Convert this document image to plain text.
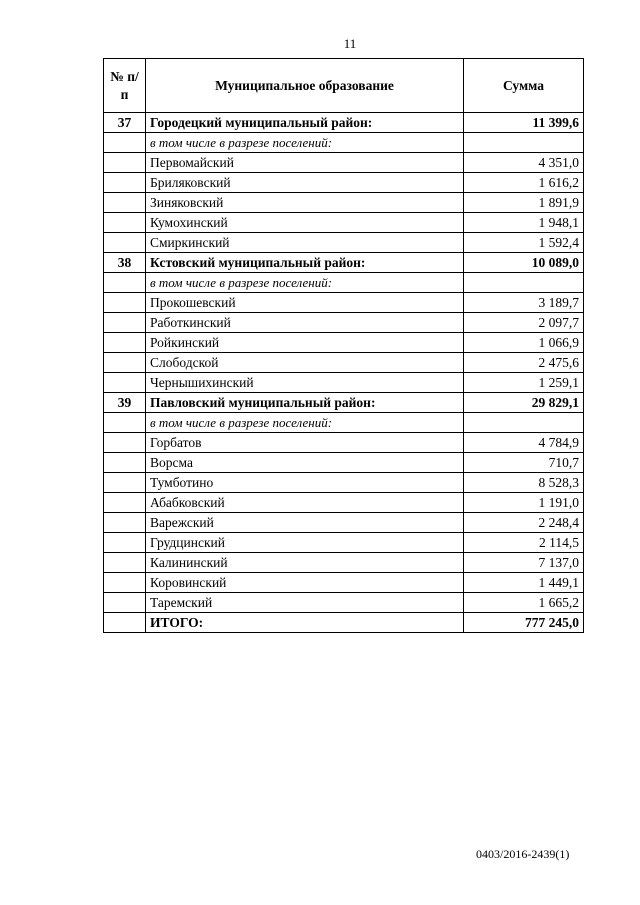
11
№ п/п	Муниципальное образование	Сумма
37	Городецкий муниципальный район:	11 399,6
	в том числе в разрезе поселений:	
	Первомайский	4 351,0
	Бриляковский	1 616,2
	Зиняковский	1 891,9
	Кумохинский	1 948,1
	Смиркинский	1 592,4
38	Кстовский муниципальный район:	10 089,0
	в том числе в разрезе поселений:	
	Прокошевский	3 189,7
	Работкинский	2 097,7
	Ройкинский	1 066,9
	Слободской	2 475,6
	Чернышихинский	1 259,1
39	Павловский муниципальный район:	29 829,1
	в том числе в разрезе поселений:	
	Горбатов	4 784,9
	Ворсма	710,7
	Тумботино	8 528,3
	Абабковский	1 191,0
	Варежский	2 248,4
	Грудцинский	2 114,5
	Калининский	7 137,0
	Коровинский	1 449,1
	Таремский	1 665,2
	ИТОГО:	777 245,0
0403/2016-2439(1)
